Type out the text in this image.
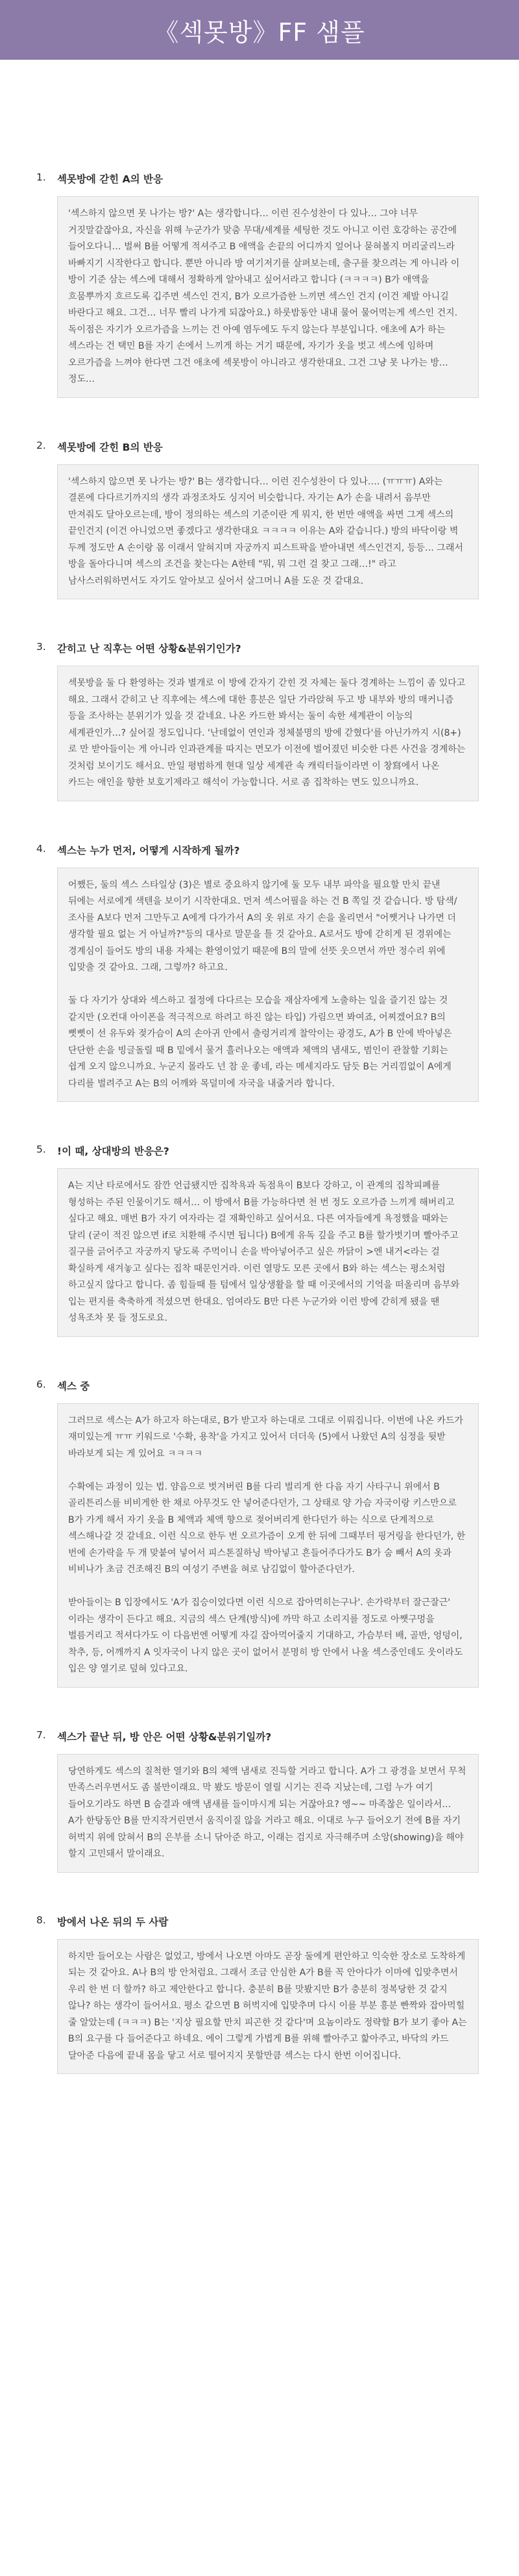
《섹못방》FF 샘플
1.	섹못방에 갇힌 A의 반응
'섹스하지 않으면 못 나가는 방?' A는 생각합니다… 이런 진수성찬이 다 있나… 그야 너무 거짓말같잖아요, 자신을 위해 누군가가 맞춤 무대/세계를 세팅한 것도 아니고 이런 호강하는 공간에 들어오다니… 벌써 B를 어떻게 적셔주고 B 애액을 손끝의 어디까지 엎어나 묻혀볼지 머리굴리느라 바빠지기 시작한다고 합니다. 뿐만 아니라 방 여기저기를 살펴보는데, 출구를 찾으려는 게 아니라 이 방이 기준 삼는 섹스에 대해서 정확하게 알아내고 싶어서라고 합니다 (ㅋㅋㅋㅋ) B가 애액을 흐뭄뿌까지 흐르도록 깁주면 섹스인 건지, B가 오르가즘한 느끼면 섹스인 건지 (이건 제발 아니길 바란다고 해요. 그건… 너무 빨리 나가게 되잖아요.) 하룻밤동안 내내 물어 물어먹는게 섹스인 건지. 독이점은 자기가 오르가즘을 느끼는 건 아예 염두에도 두지 않는다 부분입니다. 애초에 A가 하는 섹스라는 건 택민 B를 자기 손에서 느끼게 하는 거기 때문에, 자기가 옷을 벗고 섹스에 임하며 오르가즘을 느껴야 한다면 그건 애초에 섹못방이 아니라고 생각한대요. 그건 그냥 못 나가는 방… 정도…
2.	섹못방에 갇힌 B의 반응
'섹스하지 않으면 못 나가는 방?' B는 생각합니다… 이런 진수성찬이 다 있나…. (ㅠㅠㅠ) A와는 결론에 다다르기까지의 생각 과정조차도 싱지어 비슷합니다. 자기는 A가 손을 내려서 음부만 만져줘도 달아오르는데, 방이 정의하는 섹스의 기준이란 게 뭐지, 한 번만 애액을 싸면 그게 섹스의 끝인건지 (이건 아니었으면 좋겠다고 생각한대요 ㅋㅋㅋㅋ 이유는 A와 같습니다.) 방의 바닥이랑 벽 두께 정도만 A 손이랑 몸 이래서 알혀지며 자궁까지 피스트팍을 받아내면 섹스인건지, 등등… 그래서 방을 돌아다니며 섹스의 조건을 찾는다는 A한테 "뭐, 뭐 그런 걸 찾고 그래…!" 라고 남사스러워하면서도 자기도 알아보고 싶어서 살그머니 A를 도운 것 같대요.
3.	갇히고 난 직후는 어떤 상황&분위기인가?
섹못방을 둘 다 환영하는 것과 별개로 이 방에 갇자기 갇힌 것 자체는 둘다 경계하는 느낌이 좀 있다고 해요. 그래서 갇히고 난 직후에는 섹스에 대한 흥분은 일단 가라앉혀 두고 방 내부와 방의 매커니즘 등을 조사하는 분위기가 있을 것 같네요. 나온 카드한 봐서는 둘이 속한 세계관이 이능의 세계관인가…? 싶어질 정도입니다. '난데없이 연인과 정체불명의 방에 갇혔다'를 아닌가까지 시(8+)로 만 받아들이는 게 아니라 인과관계를 따지는 면모가 이전에 벌어졌던 비슷한 다른 사건을 경계하는 것처럼 보이기도 해서요. 만일 평범하게 현대 일상 세계관 속 캐릭터들이라면 이 창寫에서 나온 카드는 애인을 향한 보호기제라고 해석이 가능합니다. 서로 좀 집착하는 면도 있으니까요.
4.	섹스는 누가 먼저, 어떻게 시작하게 될까?
어쨌든, 둘의 섹스 스타일상 (3)은 별로 중요하지 않기에 둘 모두 내부 파악을 필요할 만치 끝낸 뒤에는 서로에게 색텐을 보이기 시작한대요. 먼저 섹스어필을 하는 건 B 쪽일 것 같습니다. 방 탐색/조사를 A보다 먼저 그만두고 A에게 다가가서 A의 옷 위로 자기 손을 올리면서 "어쨋거나 나가면 더 생각할 필요 없는 거 아닐까?"등의 대사로 말문을 틀 것 같아요. A로서도 방에 갇히게 된 경위에는 경계심이 들어도 방의 내용 자체는 환영이었기 때문에 B의 말에 선뜻 웃으면서 까만 정수리 위에 입맞출 것 같아요. 그래, 그렇까? 하고요.

둘 다 자기가 상대와 섹스하고 절정에 다다르는 모습을 재삼자에게 노출하는 일을 즐기진 않는 것 같지만 (오컨대 아이폰을 적극적으로 하려고 하진 않는 타입) 가림으면 봐여죠, 어찌겠어요? B의 뻣뻣이 선 유두와 젖가슴이 A의 손아귀 안에서 출렁거리게 찰악이는 광경도, A가 B 안에 박아넣은 단단한 손을 빙글돌릴 때 B 밑에서 물거 흘러나오는 애액과 체액의 냄새도, 범인이 관찰할 기회는 쉽게 오지 않으니까요. 누군지 몰라도 넌 참 운 좋네, 라는 메세지라도 담듯 B는 거리낌없이 A에게 다리를 벌려주고 A는 B의 어깨와 목덜미에 자국을 내줄거라 합니다.
5.	!이 때, 상대방의 반응은?
A는 지난 타로에서도 잠깐 언급됐지만 집착욕과 독점욕이 B보다 강하고, 이 관계의 집착피폐를 형성하는 주된 인물이기도 해서… 이 방에서 B를 가능하다면 천 번 정도 오르가즘 느끼게 해버리고 싶다고 해요. 매번 B가 자기 여자라는 걸 재확인하고 싶어서요. 다른 여자들에게 욕정했을 때와는 달리 (굳이 적진 않으면 if로 치환해 주시면 됩니다) B에게 유독 깊을 주고 B를 할가벗기며 빨아주고 질구를 긁어주고 자궁까지 닿도록 주먹이니 손을 박아넣어주고 싶은 까닭이 >엔 내거<라는 걸 확실하게 새겨놓고 싶다는 집착 때문인거라. 이런 열망도 모른 곳에서 B와 하는 섹스는 평소처럼 하고싶지 않다고 합니다. 좀 힘들때 틀 텀에서 일상생활을 할 때 이곳에서의 기억을 떠올리며 음부와 입는 편지를 축축하게 적셨으면 한대요. 엄여라도 B만 다른 누군가와 이런 방에 갇히게 됐을 땐 성욕조차 못 들 정도로요.
6.	섹스 중
그러므로 섹스는 A가 하고자 하는대로, B가 받고자 하는대로 그대로 이뤄집니다. 이번에 나온 카드가 재미있는게 ㅠㅠ 키워드로 '수확, 용착'을 가지고 있어서 더더욱 (5)에서 나왔던 A의 심정을 뒷받 바라보게 되는 게 있어요 ㅋㅋㅋㅋ

수확에는 과정이 있는 법. 얌음으로 벗겨버린 B를 다리 벌리게 한 다음 자기 사타구니 위에서 B 골리튼리스를 비비게한 한 채로 아무것도 안 넣어준다던가, 그 상태로 양 가슴 자국이랑 키스만으로 B가 가게 해서 자기 옷을 B 체액과 체액 향으로 젖어버리게 한다던가 하는 식으로 단계적으로 섹스해나갈 것 같네요. 이런 식으로 한두 번 오르가즘이 오게 한 뒤에 그때부터 핑거링을 한다던가, 한 번에 손가락을 두 개 맞붙여 넣어서 피스톤질하닝 박아넣고 흔들어주다가도 B가 숨 빼서 A의 옷과 비비나가 초금 건조해진 B의 여성기 주변을 혀로 남김없이 할아준다던가.

받아들이는 B 입장에서도 'A가 집승이었다면 이런 식으로 잡아먹히는구나'. 손가락부터 잘근잘근' 이라는 생각이 든다고 해요. 지금의 섹스 단계(방식)에 까막 하고 소리지를 정도로 아쨋구멍을 벌름거리고 적셔다가도 이 다음번엔 어떻게 자길 잡아먹어줄지 기대하고, 가슴부터 배, 골반, 엉덩이, 착추, 등, 어깨까지 A 잇자국이 나지 않은 곳이 없어서 분명히 방 안에서 나올 섹스중인데도 웃이라도 입은 양 열기로 덮혀 있다고요.
7.	섹스가 끝난 뒤, 방 안은 어떤 상황&분위기일까?
당연하게도 섹스의 질척한 열기와 B의 체액 냄새로 진득할 거라고 합니다. A가 그 광경을 보면서 무척 만족스러우면서도 좀 불만이래요. 막 봤도 방문이 열릴 시기는 진즉 지났는데, 그럼 누가 여기 들어오기라도 하면 B 숨결과 애액 냄새를 들이마시게 되는 거잖아요? 엥~~ 마족찮은 일이라서… A가 한탕동안 B를 만지작거린면서 움직이질 않을 거라고 해요. 이대로 누구 들어오기 전에 B를 자기 허벅지 위에 앉혀서 B의 은부를 소니 닦아준 하고, 이래는 검지로 자극해주며 소앙(showing)을 해야 할지 고민돼서 말이래요.
8.	방에서 나온 뒤의 두 사람
하지만 들어오는 사람은 없었고, 방에서 나오면 아마도 곧장 둘에게 편안하고 익숙한 장소로 도착하게 되는 것 같아요. A나 B의 방 안처럼요. 그래서 조금 안심한 A가 B를 꼭 안아다가 이마에 입맞추면서 우리 한 번 더 할까? 하고 제안한다고 합니다. 충분히 B를 맛봤지만 B가 충분히 정복당한 것 같지 않나? 하는 생각이 들어서요. 평소 같으면 B 허벅지에 입맞추며 다시 이를 부분 흥분 빤짝와 잡아먹힐 줄 알았는데 (ㅋㅋㅋ) B는 '지상 필요할 만치 피곤한 것 같다'며 요놈이라도 정략할 B가 보기 좋아 A는 B의 요구를 다 들어준다고 하네요. 에이 그렇게 가볍게 B를 위해 빨아주고 핥아주고, 바닥의 카드 달아준 다음에 끝내 몸을 닿고 서로 떨어지지 못할만큼 섹스는 다시 한번 이어집니다.
